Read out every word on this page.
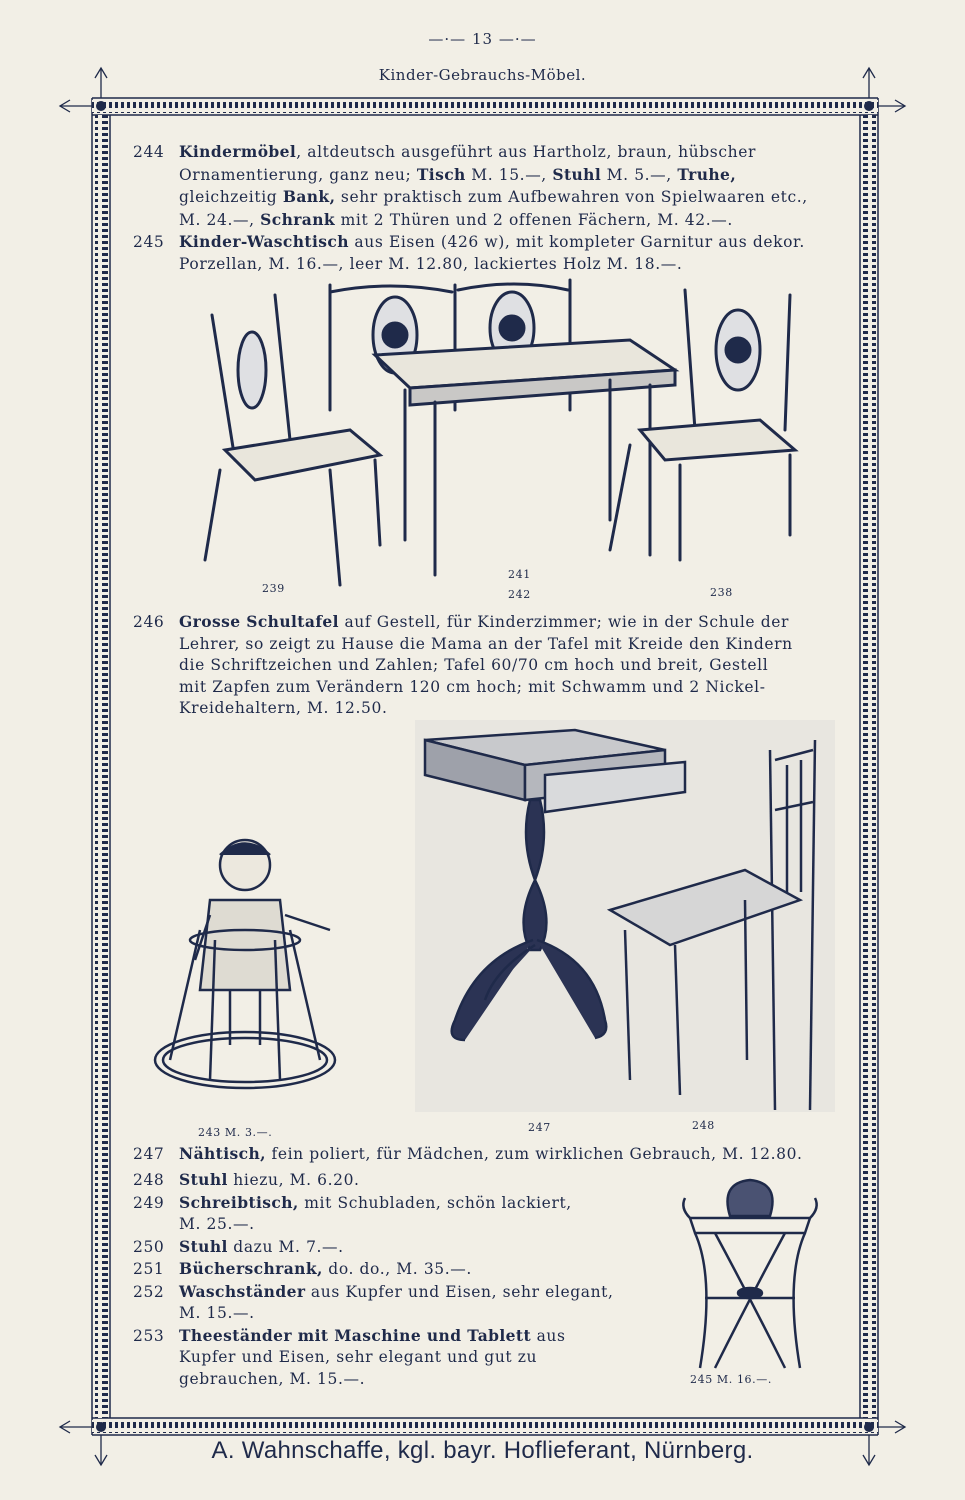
—·— 13 —·—
Kinder-Gebrauchs-Möbel.
244 Kindermöbel, altdeutsch ausgeführt aus Hartholz, braun, hübscher
Ornamentierung, ganz neu; Tisch M. 15.—, Stuhl M. 5.—, Truhe,
gleichzeitig Bank, sehr praktisch zum Aufbewahren von Spielwaaren etc.,
M. 24.—, Schrank mit 2 Thüren und 2 offenen Fächern, M. 42.—.
245 Kinder-Waschtisch aus Eisen (426 w), mit kompleter Garnitur aus dekor.
Porzellan, M. 16.—, leer M. 12.80, lackiertes Holz M. 18.—.
239
241
242	238
246 Grosse Schultafel auf Gestell, für Kinderzimmer; wie in der Schule der
Lehrer, so zeigt zu Hause die Mama an der Tafel mit Kreide den Kindern
die Schriftzeichen und Zahlen; Tafel 60/70 cm hoch und breit, Gestell
mit Zapfen zum Verändern 120 cm hoch; mit Schwamm und 2 Nickel-
Kreidehaltern, M. 12.50.
243 M. 3.—.	247	248
247 Nähtisch, fein poliert, für Mädchen, zum wirklichen Gebrauch, M. 12.80.
248 Stuhl hiezu, M. 6.20.
249 Schreibtisch, mit Schubladen, schön lackiert,
M. 25.—.
250 Stuhl dazu M. 7.—.
251 Bücherschrank, do. do., M. 35.—.
252 Waschständer aus Kupfer und Eisen, sehr elegant,
M. 15.—.
253 Theeständer mit Maschine und Tablett aus
Kupfer und Eisen, sehr elegant und gut zu
gebrauchen, M. 15.—.	245 M. 16.—.
A. Wahnschaffe, kgl. bayr. Hoflieferant, Nürnberg.
